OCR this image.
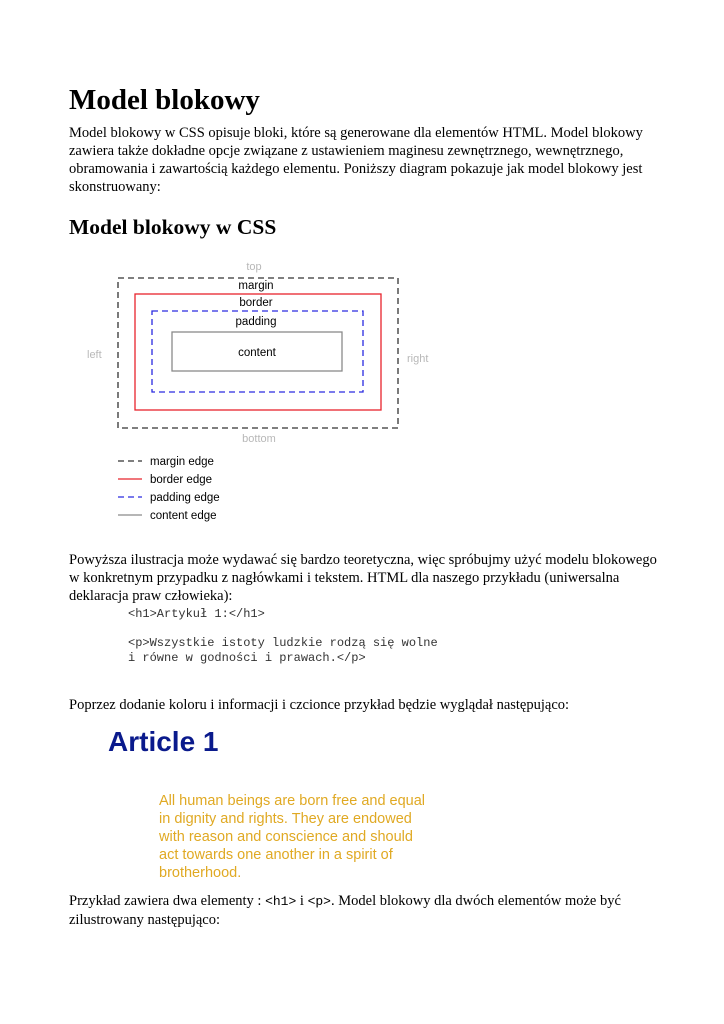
Model blokowy

Model blokowy w CSS opisuje bloki, które są generowane dla elementów HTML. Model blokowy zawiera także dokładne opcje związane z ustawieniem maginesu zewnętrznego, wewnętrznego, obramowania i zawartością każdego elementu. Poniższy diagram pokazuje jak model blokowy jest skonstruowany:

Model blokowy w CSS
top
margin
border
padding
content
left	right
bottom
margin edge
border edge
padding edge
content edge

Powyższa ilustracja może wydawać się bardzo teoretyczna, więc spróbujmy użyć modelu blokowego w konkretnym przypadku z nagłówkami i tekstem. HTML dla naszego przykładu (uniwersalna deklaracja praw człowieka):

<h1>Artykuł 1:</h1>
<p>Wszystkie istoty ludzkie rodzą się wolne
i równe w godności i prawach.</p>

Poprzez dodanie koloru i informacji i czcionce przykład będzie wyglądał następująco:

Article 1
All human beings are born free and equal
in dignity and rights. They are endowed
with reason and conscience and should
act towards one another in a spirit of
brotherhood.

Przykład zawiera dwa elementy : <h1> i <p>. Model blokowy dla dwóch elementów może być zilustrowany następująco:
